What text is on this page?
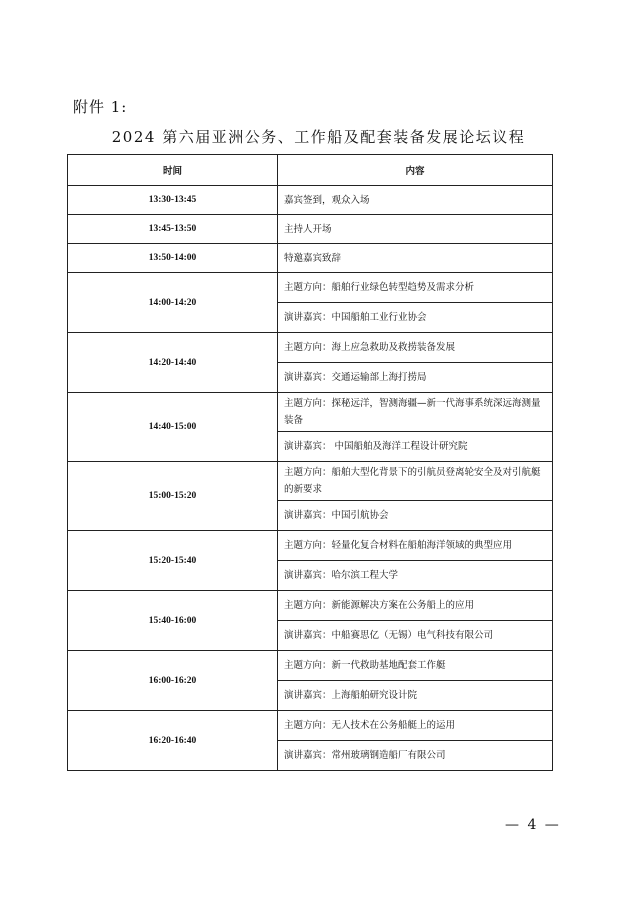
附件 1:
2024 第六届亚洲公务、工作船及配套装备发展论坛议程
时间	内容
13:30-13:45	嘉宾签到，观众入场
13:45-13:50	主持人开场
13:50-14:00	特邀嘉宾致辞
14:00-14:20	主题方向：船舶行业绿色转型趋势及需求分析
	演讲嘉宾：中国船舶工业行业协会
14:20-14:40	主题方向：海上应急救助及救捞装备发展
	演讲嘉宾：交通运输部上海打捞局
14:40-15:00	主题方向：探秘远洋，智测海疆—新一代海事系统深远海测量装备
	演讲嘉宾： 中国船舶及海洋工程设计研究院
15:00-15:20	主题方向：船舶大型化背景下的引航员登离轮安全及对引航艇的新要求
	演讲嘉宾：中国引航协会
15:20-15:40	主题方向：轻量化复合材料在船舶海洋领域的典型应用
	演讲嘉宾：哈尔滨工程大学
15:40-16:00	主题方向：新能源解决方案在公务船上的应用
	演讲嘉宾：中船赛思亿（无锡）电气科技有限公司
16:00-16:20	主题方向：新一代救助基地配套工作艇
	演讲嘉宾：上海船舶研究设计院
16:20-16:40	主题方向：无人技术在公务船艇上的运用
	演讲嘉宾：常州玻璃钢造船厂有限公司
— 4 —
